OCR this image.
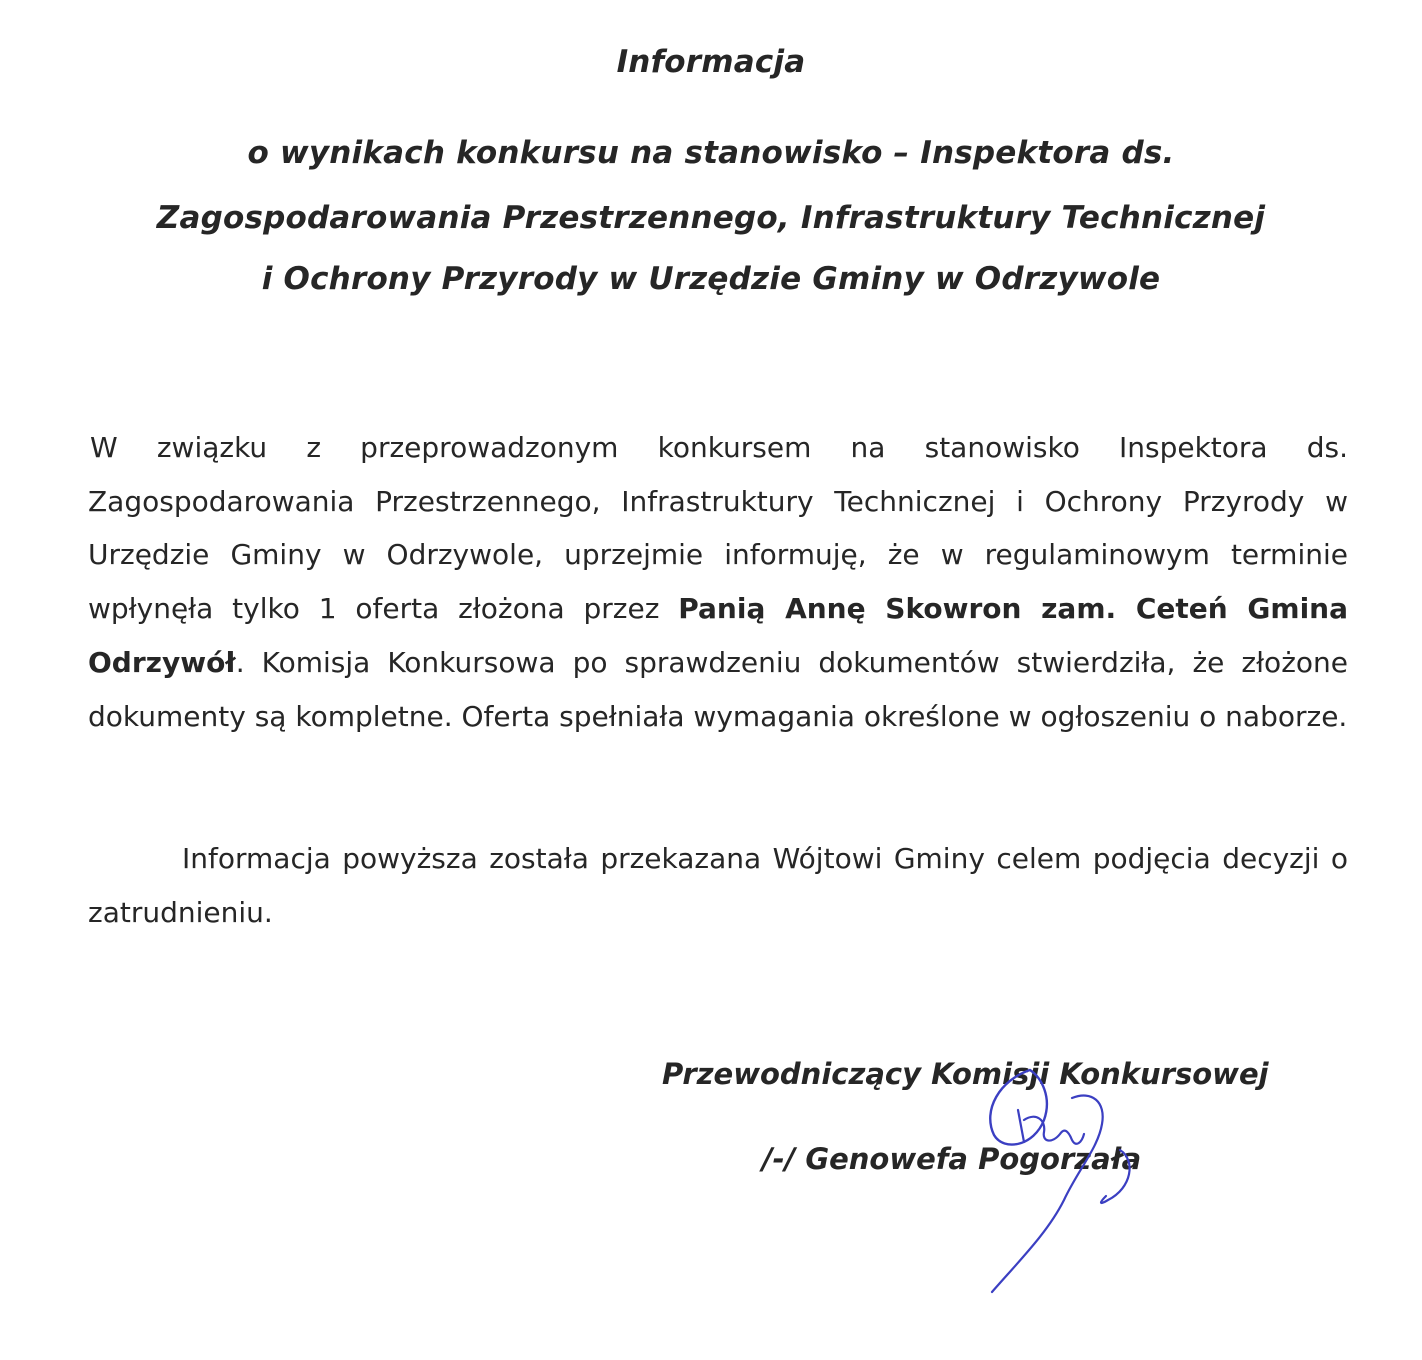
Informacja
o wynikach konkursu na stanowisko – Inspektora ds.
Zagospodarowania Przestrzennego, Infrastruktury Technicznej
i Ochrony Przyrody w Urzędzie Gminy w Odrzywole
W związku z przeprowadzonym konkursem na stanowisko Inspektora ds. Zagospodarowania Przestrzennego, Infrastruktury Technicznej i Ochrony Przyrody w Urzędzie Gminy w Odrzywole, uprzejmie informuję, że w regulaminowym terminie wpłynęła tylko 1 oferta złożona przez Panią Annę Skowron zam. Ceteń Gmina Odrzywół. Komisja Konkursowa po sprawdzeniu dokumentów stwierdziła, że złożone dokumenty są kompletne. Oferta spełniała wymagania określone w ogłoszeniu o naborze.
Informacja powyższa została przekazana Wójtowi Gminy celem podjęcia decyzji o zatrudnieniu.
Przewodniczący Komisji Konkursowej
/-/ Genowefa Pogorzała
